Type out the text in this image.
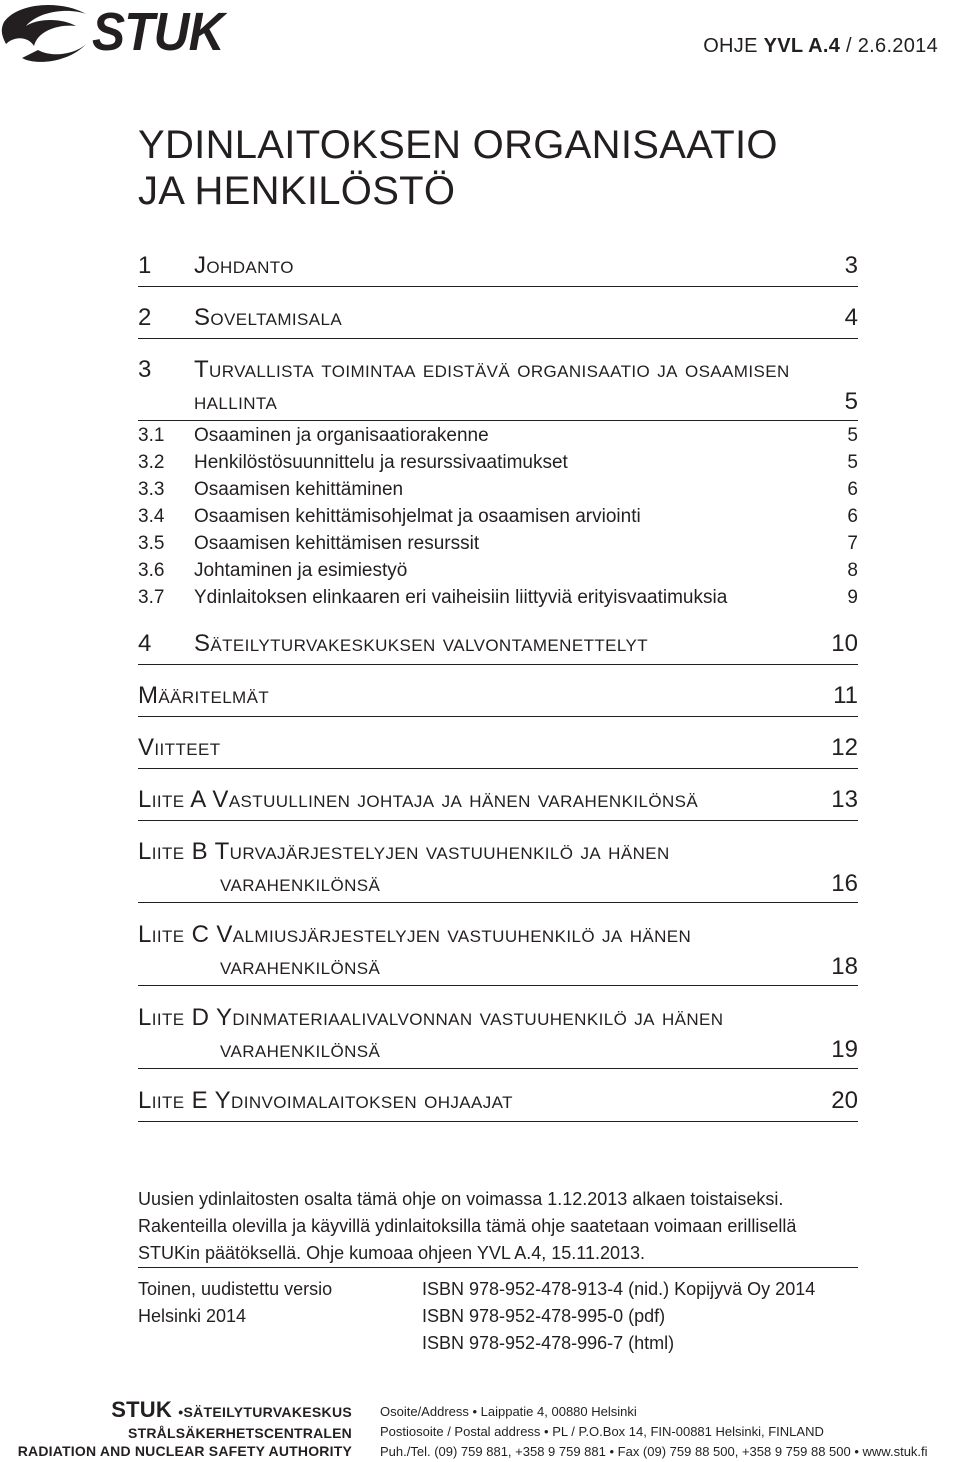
STUK	OHJE YVL A.4 / 2.6.2014
YDINLAITOKSEN ORGANISAATIO
JA HENKILÖSTÖ
1 Johdanto	3
2 Soveltamisala	4
3 Turvallista toimintaa edistävä organisaatio ja osaamisen
hallinta	5
3.1 Osaaminen ja organisaatiorakenne	5
3.2 Henkilöstösuunnittelu ja resurssivaatimukset	5
3.3 Osaamisen kehittäminen	6
3.4 Osaamisen kehittämisohjelmat ja osaamisen arviointi	6
3.5 Osaamisen kehittämisen resurssit	7
3.6 Johtaminen ja esimiestyö	8
3.7 Ydinlaitoksen elinkaaren eri vaiheisiin liittyviä erityisvaatimuksia	9
4 Säteilyturvakeskuksen valvontamenettelyt	10
Määritelmät	11
Viitteet	12
Liite A Vastuullinen johtaja ja hänen varahenkilönsä	13
Liite B Turvajärjestelyjen vastuuhenkilö ja hänen
varahenkilönsä	16
Liite C Valmiusjärjestelyjen vastuuhenkilö ja hänen
varahenkilönsä	18
Liite D Ydinmateriaalivalvonnan vastuuhenkilö ja hänen
varahenkilönsä	19
Liite E Ydinvoimalaitoksen ohjaajat	20

Uusien ydinlaitosten osalta tämä ohje on voimassa 1.12.2013 alkaen toistaiseksi.

Rakenteilla olevilla ja käyvillä ydinlaitoksilla tämä ohje saatetaan voimaan erillisellä

STUKin päätöksellä. Ohje kumoaa ohjeen YVL A.4, 15.11.2013.

Toinen, uudistettu versio
Helsinki 2014
ISBN 978-952-478-913-4 (nid.) Kopijyvä Oy 2014
ISBN 978-952-478-995-0 (pdf)
ISBN 978-952-478-996-7 (html)
STUK •SÄTEILYTURVAKESKUS
STRÅLSÄKERHETSCENTRALEN
RADIATION AND NUCLEAR SAFETY AUTHORITY
Osoite/Address • Laippatie 4, 00880 Helsinki
Postiosoite / Postal address • PL / P.O.Box 14, FIN-00881 Helsinki, FINLAND
Puh./Tel. (09) 759 881, +358 9 759 881 • Fax (09) 759 88 500, +358 9 759 88 500 • www.stuk.fi
